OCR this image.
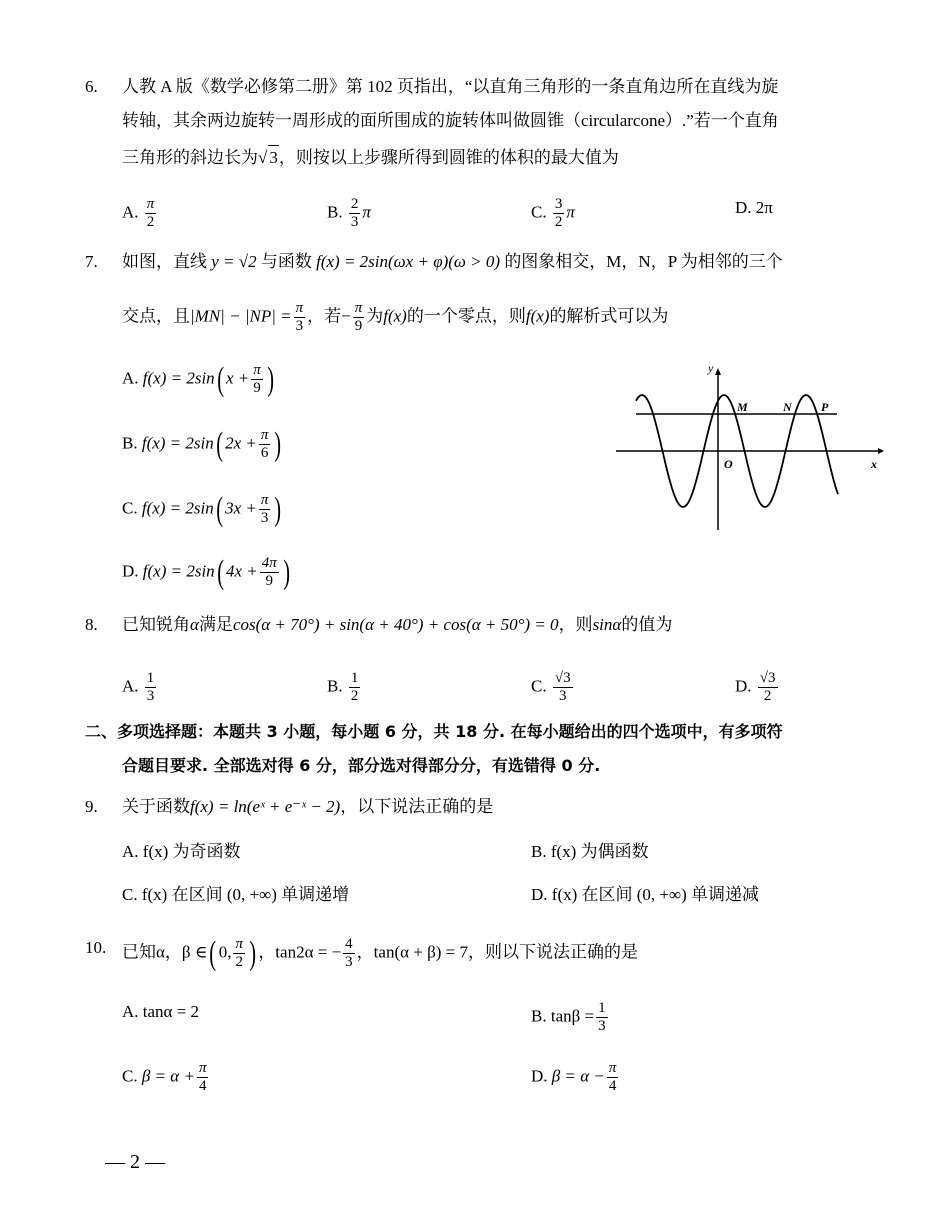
6. 人教 A 版《数学必修第二册》第 102 页指出，“以直角三角形的一条直角边所在直线为旋
转轴，其余两边旋转一周形成的面所围成的旋转体叫做圆锥（circularcone）.”若一个直角
三角形的斜边长为√ 3，则按以上步骤所得到圆锥的体积的最大值为
A. $\frac{\pi}{2}$	B. $\frac{2}{3}$ π	C. $\frac{3}{2}$ π	D. 2π
7. 如图，直线 y = √2 与函数 f(x) = 2sin(ωx + φ)(ω > 0) 的图象相交，M，N，P 为相邻的三个
交点，且$|MN| - |NP| = \frac{\pi}{3}$ ，若− $\frac{\pi}{9}$ 为f(x)的一个零点，则f(x)的解析式可以为
A. f(x) = 2sin( $x + \frac{\pi}{9}$ )
B. f(x) = 2sin( $2x + \frac{\pi}{6}$ )
C. f(x) = 2sin( $3x + \frac{\pi}{3}$ )
D. f(x) = 2sin( $4x + \frac{4\pi}{9}$ )
y
x
O
M	N P
8. 已知锐角α满足cos(α + 70°) + sin(α + 40°) + cos(α + 50°) = 0，则sinα的值为
A. $\frac{1}{3}$	B. $\frac{1}{2}$	C. $\frac{√3}{3}$	D. $\frac{√3}{2}$
二、多项选择题：本题共 3 小题，每小题 6 分，共 18 分. 在每小题给出的四个选项中，有多项符
合题目要求. 全部选对得 6 分，部分选对得部分分，有选错得 0 分.
9. 关于函数f(x) = ln(eˣ + e⁻ˣ − 2)，以下说法正确的是
A. f(x) 为奇函数	B. f(x) 为偶函数
C. f(x) 在区间 (0, +∞) 单调递增	D. f(x) 在区间 (0, +∞) 单调递减
10. 已知α，β ∈( 0, $\frac{\pi}{2}$ ) ，tan2α = − $\frac{4}{3}$ ，tan(α + β) = 7，则以下说法正确的是
A. tanα = 2	B. $\tan\beta = \frac{1}{3}$
C. $\beta = \alpha + \frac{\pi}{4}$	D. $\beta = \alpha - \frac{\pi}{4}$
— 2 —
